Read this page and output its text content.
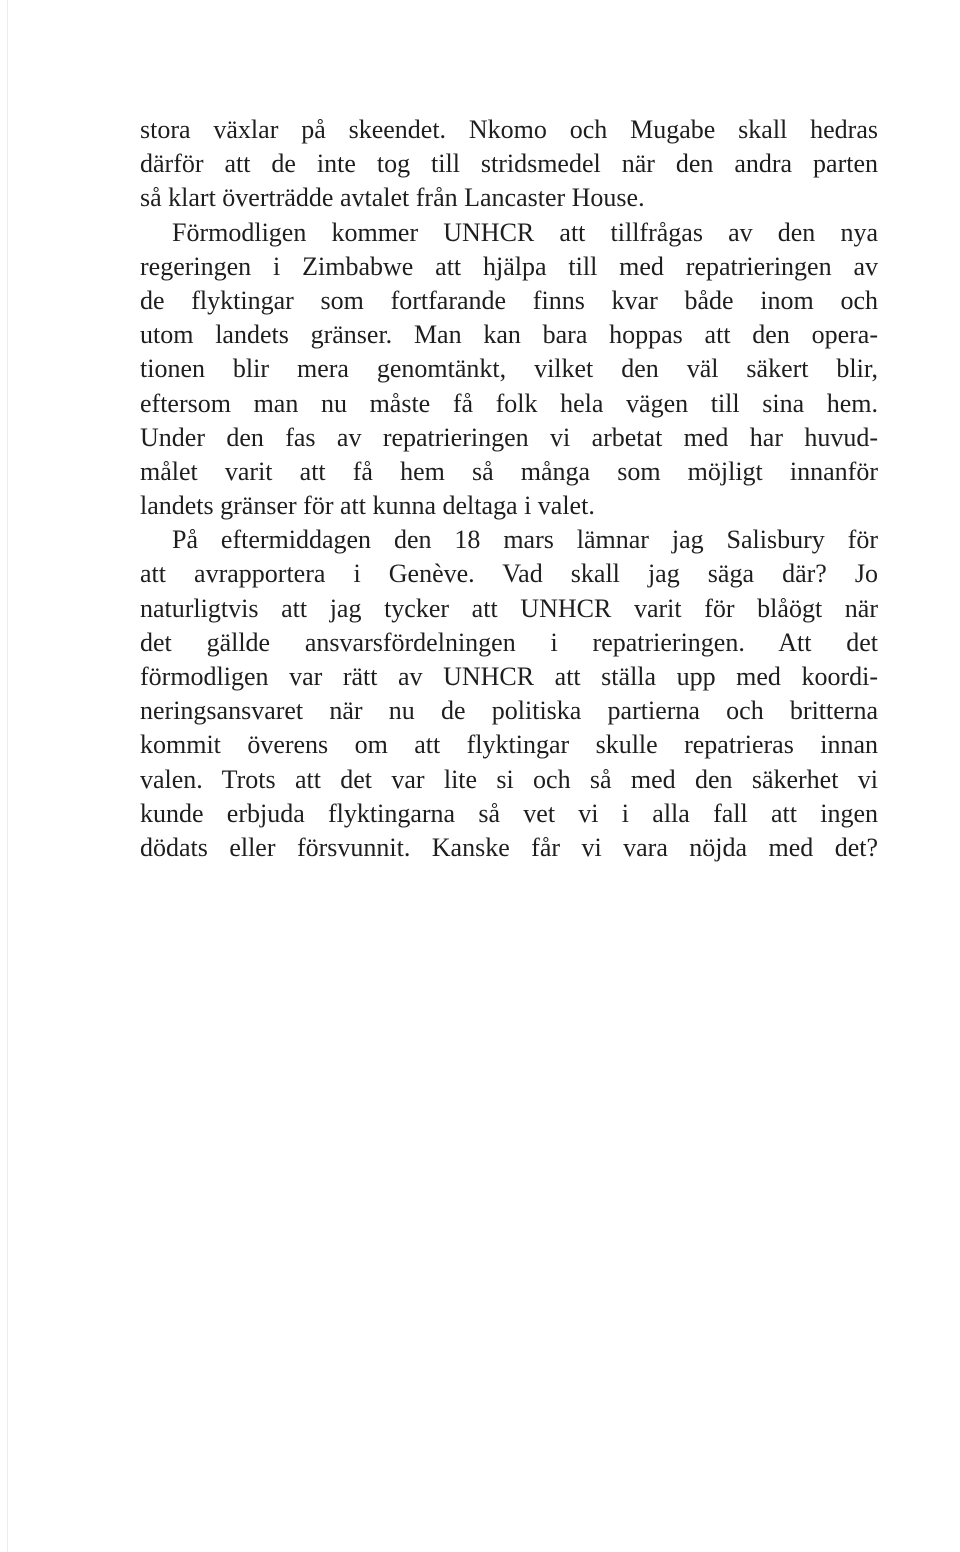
stora växlar på skeendet. Nkomo och Mugabe skall hedras
därför att de inte tog till stridsmedel när den andra parten
så klart överträdde avtalet från Lancaster House.
Förmodligen kommer UNHCR att tillfrågas av den nya
regeringen i Zimbabwe att hjälpa till med repatrieringen av
de flyktingar som fortfarande finns kvar både inom och
utom landets gränser. Man kan bara hoppas att den opera-
tionen blir mera genomtänkt, vilket den väl säkert blir,
eftersom man nu måste få folk hela vägen till sina hem.
Under den fas av repatrieringen vi arbetat med har huvud-
målet varit att få hem så många som möjligt innanför
landets gränser för att kunna deltaga i valet.
På eftermiddagen den 18 mars lämnar jag Salisbury för
att avrapportera i Genève. Vad skall jag säga där? Jo
naturligtvis att jag tycker att UNHCR varit för blåögt när
det gällde ansvarsfördelningen i repatrieringen. Att det
förmodligen var rätt av UNHCR att ställa upp med koordi-
neringsansvaret när nu de politiska partierna och britterna
kommit överens om att flyktingar skulle repatrieras innan
valen. Trots att det var lite si och så med den säkerhet vi
kunde erbjuda flyktingarna så vet vi i alla fall att ingen
dödats eller försvunnit. Kanske får vi vara nöjda med det?
